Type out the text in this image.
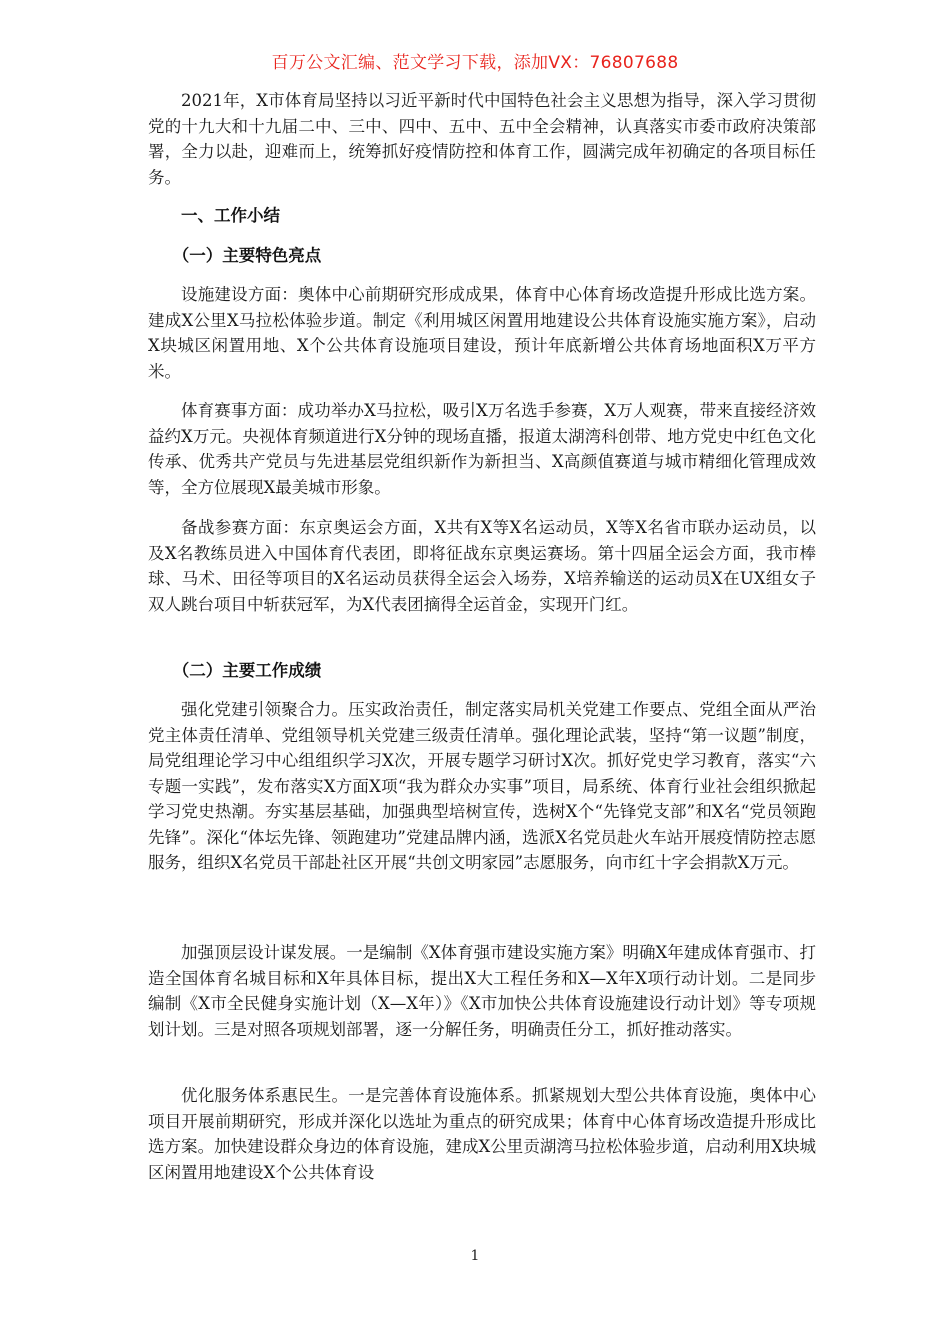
百万公文汇编、范文学习下载，添加VX：76807688

2021年，X市体育局坚持以习近平新时代中国特色社会主义思想为指导，深入学习贯彻党的十九大和十九届二中、三中、四中、五中、五中全会精神，认真落实市委市政府决策部署，全力以赴，迎难而上，统筹抓好疫情防控和体育工作，圆满完成年初确定的各项目标任务。

一、工作小结

（一）主要特色亮点

设施建设方面：奥体中心前期研究形成成果，体育中心体育场改造提升形成比选方案。建成X公里X马拉松体验步道。制定《利用城区闲置用地建设公共体育设施实施方案》，启动X块城区闲置用地、X个公共体育设施项目建设，预计年底新增公共体育场地面积X万平方米。

体育赛事方面：成功举办X马拉松，吸引X万名选手参赛，X万人观赛，带来直接经济效益约X万元。央视体育频道进行X分钟的现场直播，报道太湖湾科创带、地方党史中红色文化传承、优秀共产党员与先进基层党组织新作为新担当、X高颜值赛道与城市精细化管理成效等，全方位展现X最美城市形象。

备战参赛方面：东京奥运会方面，X共有X等X名运动员，X等X名省市联办运动员，以及X名教练员进入中国体育代表团，即将征战东京奥运赛场。第十四届全运会方面，我市棒球、马术、田径等项目的X名运动员获得全运会入场券，X培养输送的运动员X在UX组女子双人跳台项目中斩获冠军，为X代表团摘得全运首金，实现开门红。

（二）主要工作成绩

强化党建引领聚合力。压实政治责任，制定落实局机关党建工作要点、党组全面从严治党主体责任清单、党组领导机关党建三级责任清单。强化理论武装，坚持“第一议题”制度，局党组理论学习中心组组织学习X次，开展专题学习研讨X次。抓好党史学习教育，落实“六专题一实践”，发布落实X方面X项“我为群众办实事”项目，局系统、体育行业社会组织掀起学习党史热潮。夯实基层基础，加强典型培树宣传，选树X个“先锋党支部”和X名“党员领跑先锋”。深化“体坛先锋、领跑建功”党建品牌内涵，选派X名党员赴火车站开展疫情防控志愿服务，组织X名党员干部赴社区开展“共创文明家园”志愿服务，向市红十字会捐款X万元。

加强顶层设计谋发展。一是编制《X体育强市建设实施方案》明确X年建成体育强市、打造全国体育名城目标和X年具体目标，提出X大工程任务和X—X年X项行动计划。二是同步编制《X市全民健身实施计划（X—X年）》《X市加快公共体育设施建设行动计划》等专项规划计划。三是对照各项规划部署，逐一分解任务，明确责任分工，抓好推动落实。

优化服务体系惠民生。一是完善体育设施体系。抓紧规划大型公共体育设施，奥体中心项目开展前期研究，形成并深化以选址为重点的研究成果；体育中心体育场改造提升形成比选方案。加快建设群众身边的体育设施，建成X公里贡湖湾马拉松体验步道，启动利用X块城区闲置用地建设X个公共体育设

1
